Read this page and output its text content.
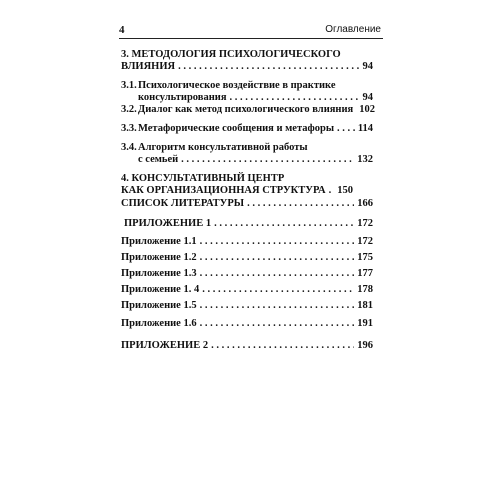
4	Оглавление
3. МЕТОДОЛОГИЯ ПСИХОЛОГИЧЕСКОГО
ВЛИЯНИЯ . . .	94
3.1. Психологическое воздействие в практике
консультирования . . .	94
3.2. Диалог как метод психологического влияния 102
3.3. Метафорические сообщения и метафоры . . . 114
3.4. Алгоритм консультативной работы
с семьей . . .	132
4. КОНСУЛЬТАТИВНЫЙ ЦЕНТР
КАК ОРГАНИЗАЦИОННАЯ СТРУКТУРА . . . 150
СПИСОК ЛИТЕРАТУРЫ . . .	166
ПРИЛОЖЕНИЕ 1 . . .	172
Приложение 1.1 . . .	172
Приложение 1.2 . . .	175
Приложение 1.3 . . .	177
Приложение 1. 4 . . .	178
Приложение 1.5 . . .	181
Приложение 1.6 . . .	191
ПРИЛОЖЕНИЕ 2 . . .	196
